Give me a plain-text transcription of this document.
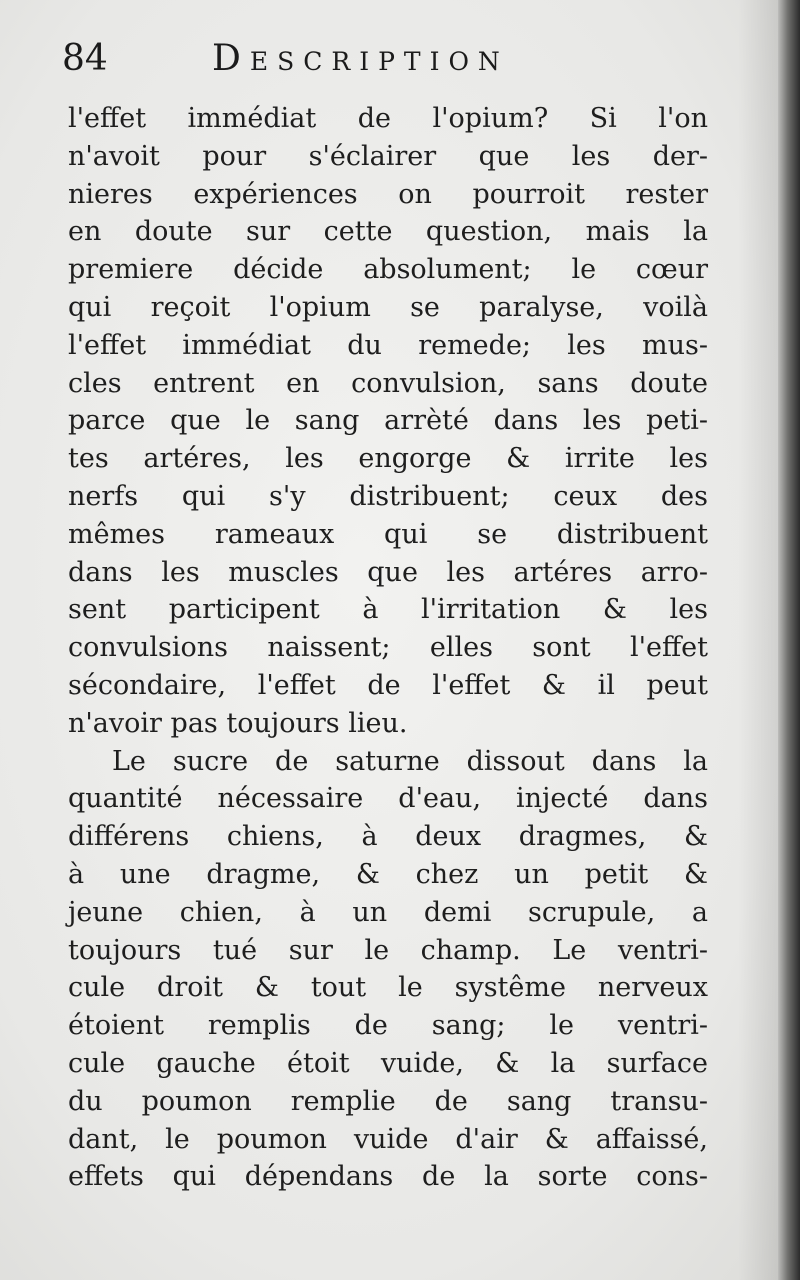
84	Description
l'effet immédiat de l'opium? Si l'on
n'avoit pour s'éclairer que les der-
nieres expériences on pourroit rester
en doute sur cette question, mais la
premiere décide absolument; le cœur
qui reçoit l'opium se paralyse, voilà
l'effet immédiat du remede; les mus-
cles entrent en convulsion, sans doute
parce que le sang arrèté dans les peti-
tes artéres, les engorge & irrite les
nerfs qui s'y distribuent; ceux des
mêmes rameaux qui se distribuent
dans les muscles que les artéres arro-
sent participent à l'irritation & les
convulsions naissent; elles sont l'effet
sécondaire, l'effet de l'effet & il peut
n'avoir pas toujours lieu.
Le sucre de saturne dissout dans la
quantité nécessaire d'eau, injecté dans
différens chiens, à deux dragmes, &
à une dragme, & chez un petit &
jeune chien, à un demi scrupule, a
toujours tué sur le champ. Le ventri-
cule droit & tout le systême nerveux
étoient remplis de sang; le ventri-
cule gauche étoit vuide, & la surface
du poumon remplie de sang transu-
dant, le poumon vuide d'air & affaissé,
effets qui dépendans de la sorte cons-
